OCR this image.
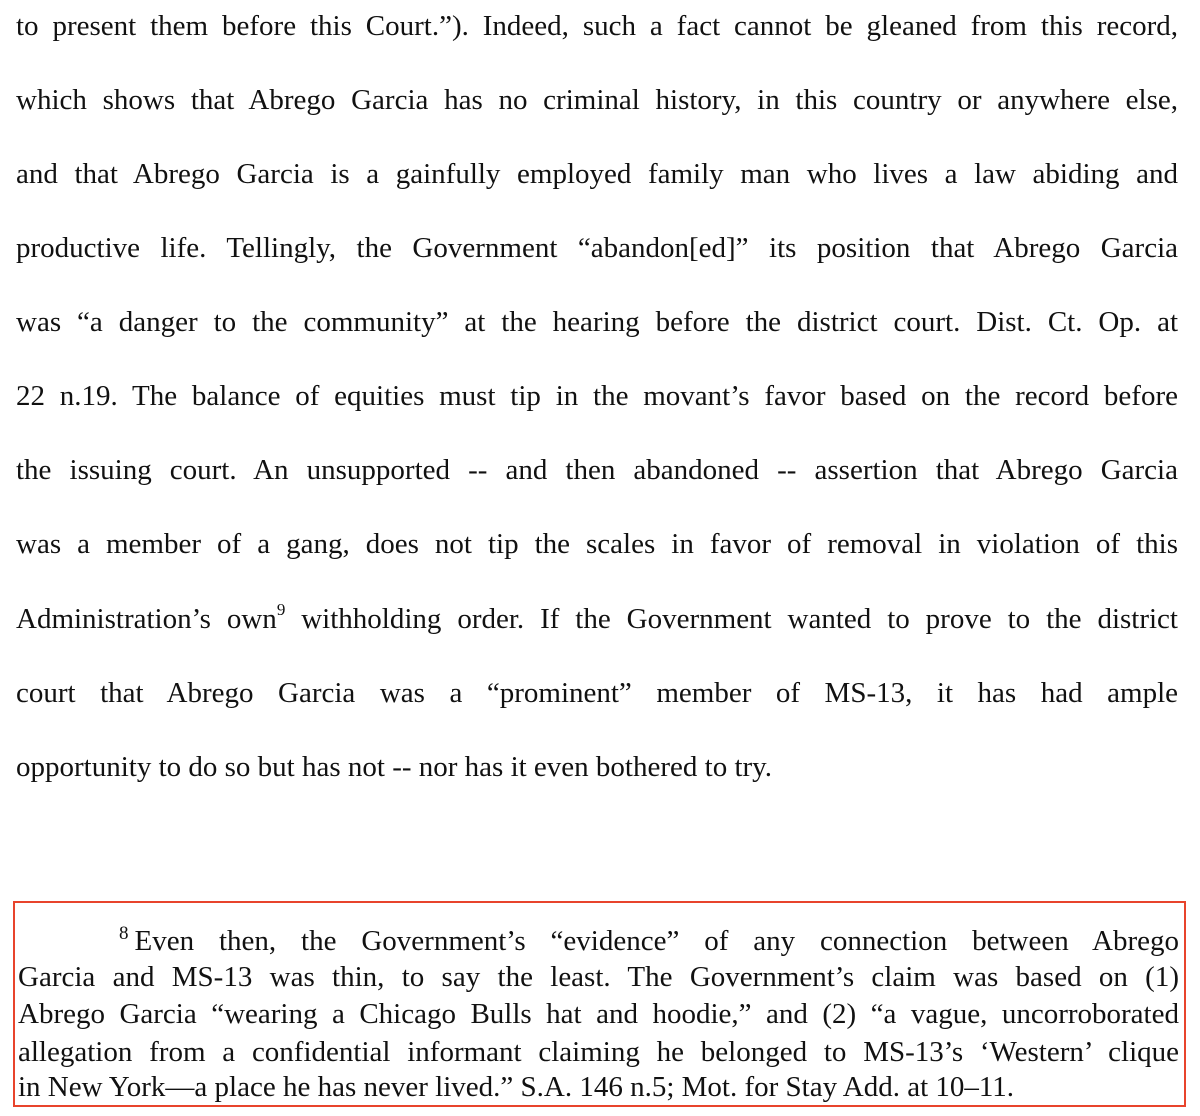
to present them before this Court.”). Indeed, such a fact cannot be gleaned from this record,
which shows that Abrego Garcia has no criminal history, in this country or anywhere else,
and that Abrego Garcia is a gainfully employed family man who lives a law abiding and
productive life. Tellingly, the Government “abandon[ed]” its position that Abrego Garcia
was “a danger to the community” at the hearing before the district court. Dist. Ct. Op. at
22 n.19. The balance of equities must tip in the movant’s favor based on the record before
the issuing court. An unsupported -- and then abandoned -- assertion that Abrego Garcia
was a member of a gang, does not tip the scales in favor of removal in violation of this
Administration’s own$^9$ withholding order. If the Government wanted to prove to the district
court that Abrego Garcia was a “prominent” member of MS-13, it has had ample
opportunity to do so but has not -- nor has it even bothered to try.
$^8$ Even then, the Government’s “evidence” of any connection between Abrego
Garcia and MS-13 was thin, to say the least. The Government’s claim was based on (1)
Abrego Garcia “wearing a Chicago Bulls hat and hoodie,” and (2) “a vague, uncorroborated
allegation from a confidential informant claiming he belonged to MS-13’s ‘Western’ clique
in New York—a place he has never lived.” S.A. 146 n.5; Mot. for Stay Add. at 10–11.
